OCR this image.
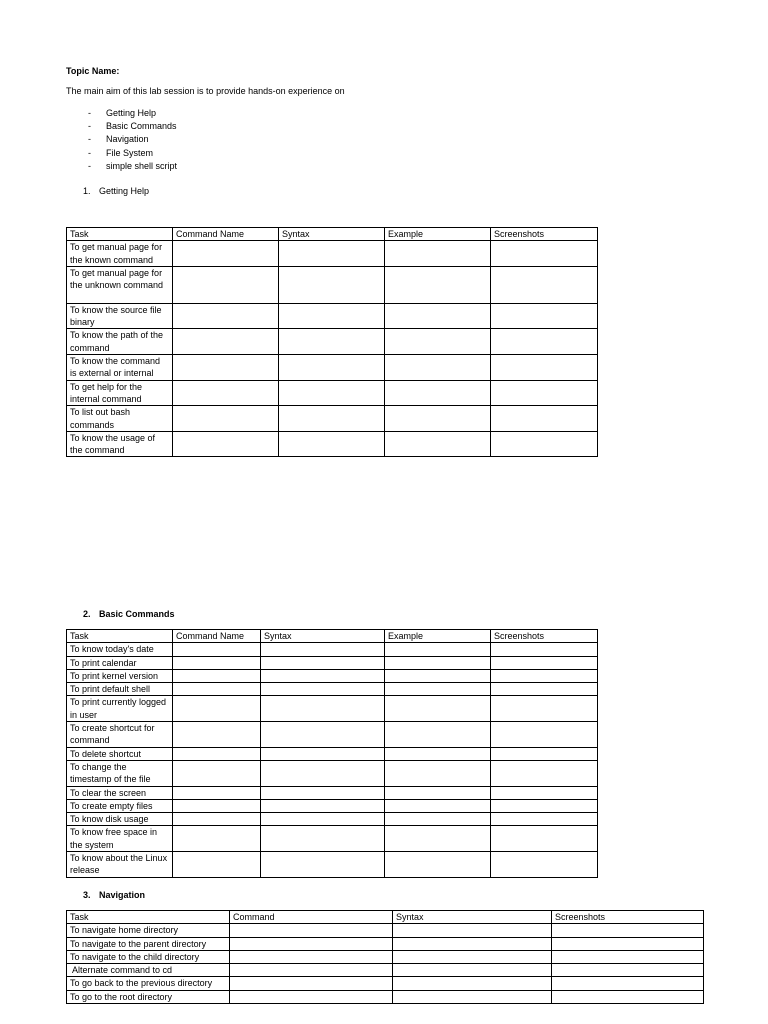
Topic Name:
The main aim of this lab session is to provide hands-on experience on
- Getting Help
- Basic Commands
- Navigation
- File System
- simple shell script
1. Getting Help
Task	Command Name	Syntax	Example	Screenshots
To get manual page for the known command				
To get manual page for the unknown command				
To know the source file binary				
To know the path of the command				
To know the command is external or internal				
To get help for the internal command				
To list out bash commands				
To know the usage of the command				
2. Basic Commands
Task	Command Name	Syntax	Example	Screenshots
To know today's date				
To print calendar				
To print kernel version				
To print default shell				
To print currently logged in user				
To create shortcut for command				
To delete shortcut				
To change the timestamp of the file				
To clear the screen				
To create empty files				
To know disk usage				
To know free space in the system				
To know about the Linux release				
3. Navigation
Task	Command	Syntax	Screenshots
To navigate home directory			
To navigate to the parent directory			
To navigate to the child directory			
Alternate command to cd			
To go back to the previous directory			
To go to the root directory			
